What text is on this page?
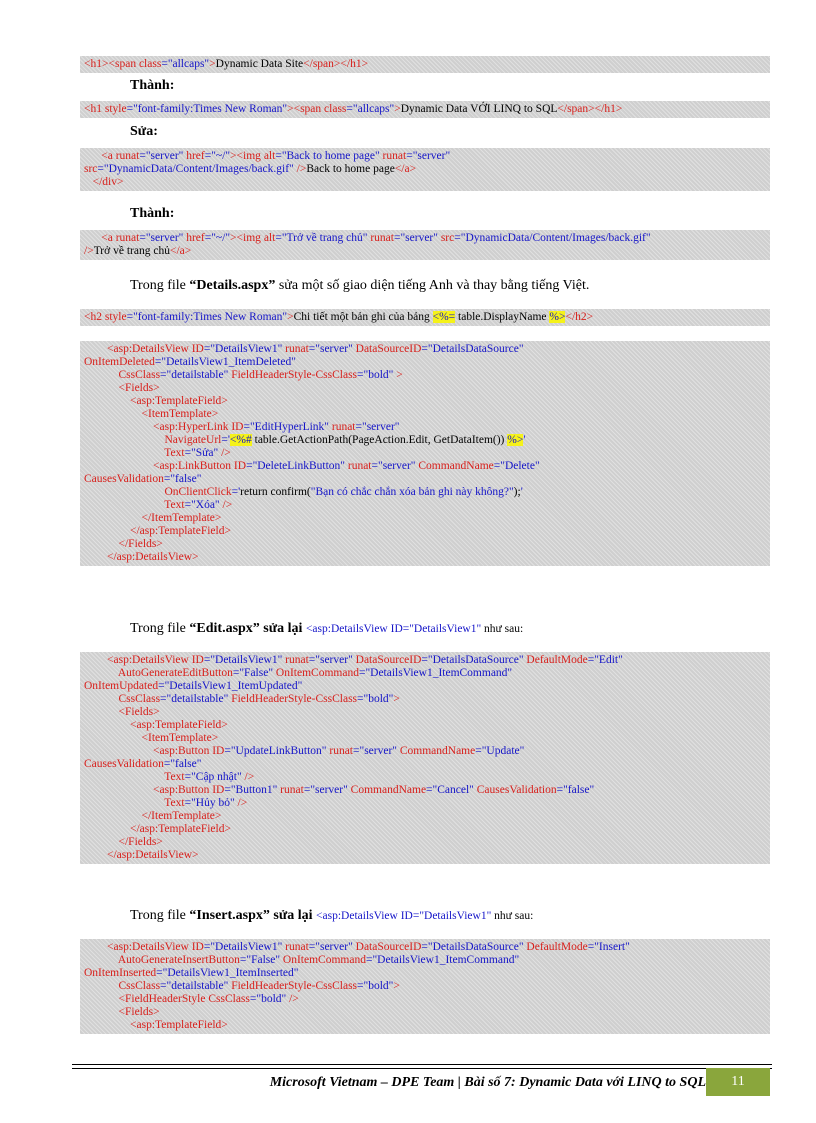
<h1><span class="allcaps">Dynamic Data Site</span></h1>
Thành:
<h1 style="font-family:Times New Roman"><span class="allcaps">Dynamic Data VỚI LINQ to SQL</span></h1>
Sửa:
<a runat="server" href="~/"><img alt="Back to home page" runat="server"
src="DynamicData/Content/Images/back.gif" />Back to home page</a>
</div>
Thành:
<a runat="server" href="~/"><img alt="Trở về trang chủ" runat="server" src="DynamicData/Content/Images/back.gif"
/>Trở về trang chủ</a>
Trong file “Details.aspx” sửa một số giao diện tiếng Anh và thay bằng tiếng Việt.
<h2 style="font-family:Times New Roman">Chi tiết một bản ghi của bảng <%= table.DisplayName %></h2>
<asp:DetailsView ID="DetailsView1" runat="server" DataSourceID="DetailsDataSource"
OnItemDeleted="DetailsView1_ItemDeleted"
CssClass="detailstable" FieldHeaderStyle-CssClass="bold" >
<Fields>
<asp:TemplateField>
<ItemTemplate>
<asp:HyperLink ID="EditHyperLink" runat="server"
NavigateUrl='<%# table.GetActionPath(PageAction.Edit, GetDataItem()) %>'
Text="Sửa" />
<asp:LinkButton ID="DeleteLinkButton" runat="server" CommandName="Delete"
CausesValidation="false"
OnClientClick='return confirm("Bạn có chắc chắn xóa bản ghi này không?");'
Text="Xóa" />
</ItemTemplate>
</asp:TemplateField>
</Fields>
</asp:DetailsView>
Trong file “Edit.aspx” sửa lại <asp:DetailsView ID="DetailsView1" như sau:
<asp:DetailsView ID="DetailsView1" runat="server" DataSourceID="DetailsDataSource" DefaultMode="Edit"
AutoGenerateEditButton="False" OnItemCommand="DetailsView1_ItemCommand"
OnItemUpdated="DetailsView1_ItemUpdated"
CssClass="detailstable" FieldHeaderStyle-CssClass="bold">
<Fields>
<asp:TemplateField>
<ItemTemplate>
<asp:Button ID="UpdateLinkButton" runat="server" CommandName="Update"
CausesValidation="false"
Text="Cập nhật" />
<asp:Button ID="Button1" runat="server" CommandName="Cancel" CausesValidation="false"
Text="Hủy bỏ" />
</ItemTemplate>
</asp:TemplateField>
</Fields>
</asp:DetailsView>
Trong file “Insert.aspx” sửa lại <asp:DetailsView ID="DetailsView1" như sau:
<asp:DetailsView ID="DetailsView1" runat="server" DataSourceID="DetailsDataSource" DefaultMode="Insert"
AutoGenerateInsertButton="False" OnItemCommand="DetailsView1_ItemCommand"
OnItemInserted="DetailsView1_ItemInserted"
CssClass="detailstable" FieldHeaderStyle-CssClass="bold">
<FieldHeaderStyle CssClass="bold" />
<Fields>
<asp:TemplateField>
Microsoft Vietnam – DPE Team | Bài số 7: Dynamic Data với LINQ to SQL	11
